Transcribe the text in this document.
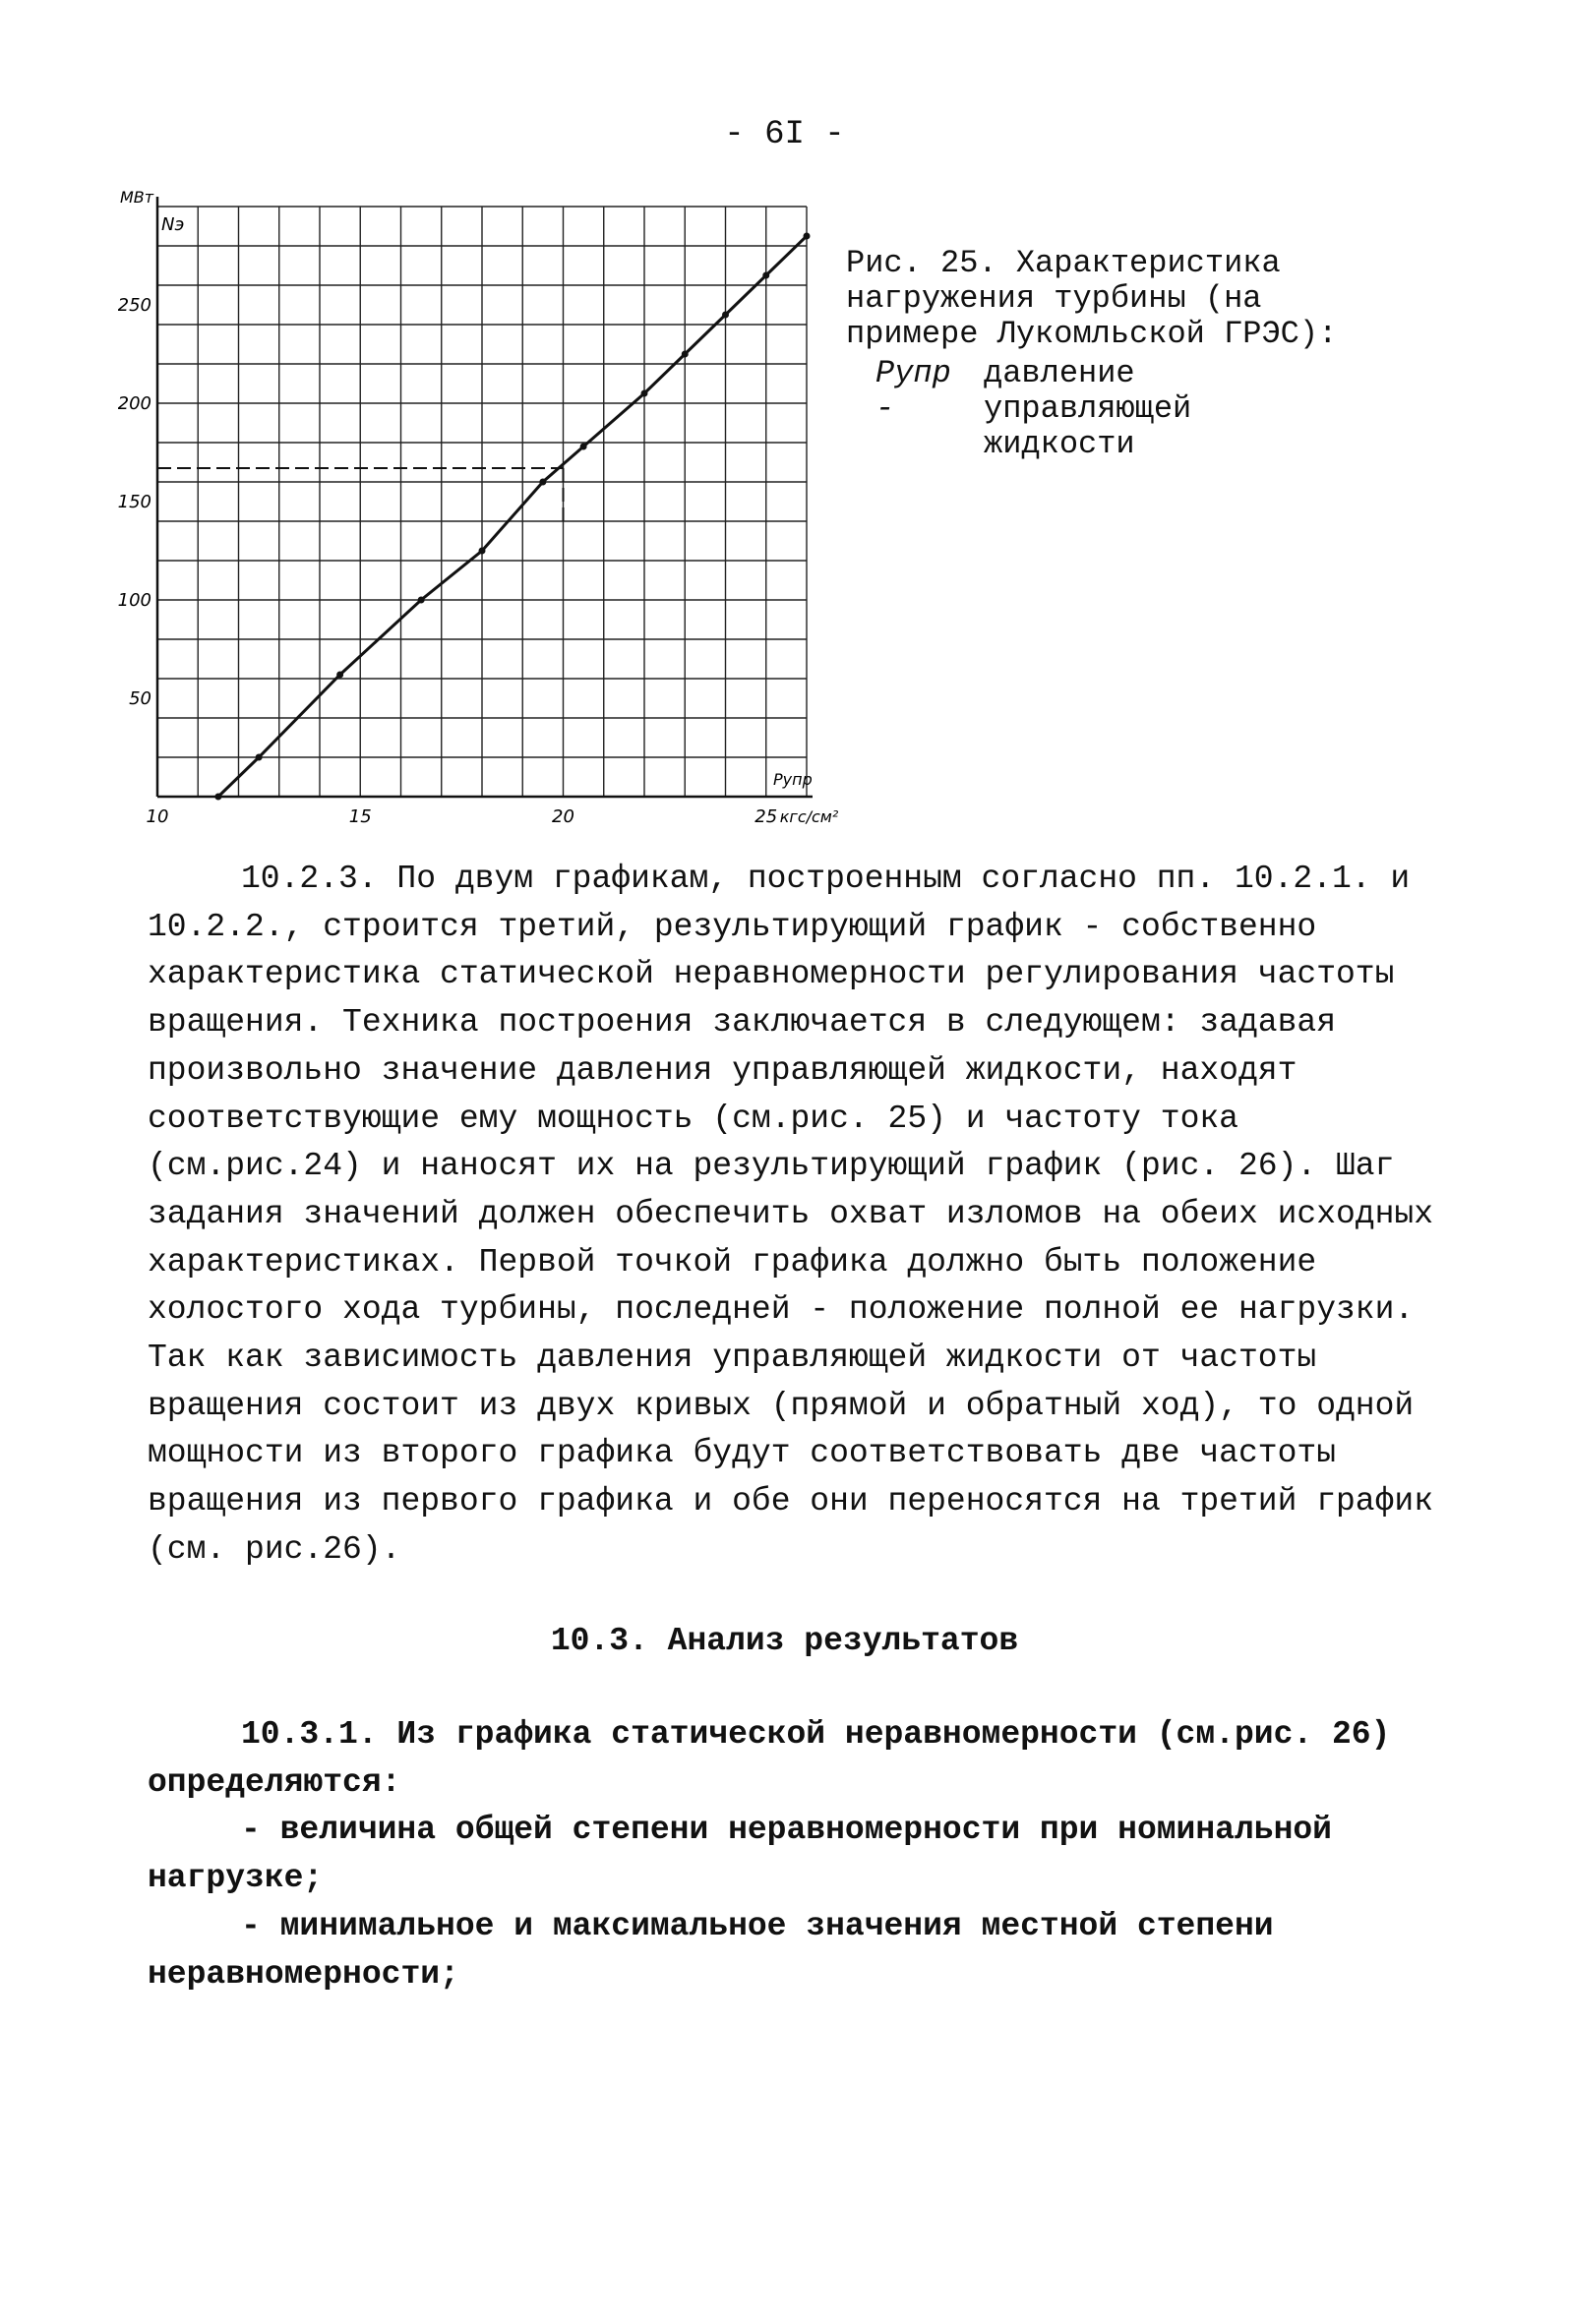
- 6I -
50
100
150
200
250
10	15	20	25
МВт
Nэ
Pупр
кгс/см²
Рис. 25. Характеристика
нагружения турбины (на
примере Лукомльской ГРЭС):
Pупр -давление управляющей жидкости

10.2.3. По двум графикам, построенным согласно пп. 10.2.1. и 10.2.2., строится третий, результирующий график - собственно характеристика статической неравномерности регулирования частоты вращения. Техника построения заключается в следующем: задавая произвольно значение давления управляющей жидкости, находят соответствующие ему мощность (см.рис. 25) и частоту тока (см.рис.24) и наносят их на результирующий график (рис. 26). Шаг задания значений должен обеспечить охват изломов на обеих исходных характеристиках. Первой точкой графика должно быть положение холостого хода турбины, последней - положение полной ее нагрузки. Так как зависимость давления управляющей жидкости от частоты вращения состоит из двух кривых (прямой и обратный ход), то одной мощности из второго графика будут соответствовать две частоты вращения из первого графика и обе они переносятся на третий график (см. рис.26).

10.3. Анализ результатов

10.3.1. Из графика статической неравномерности (см.рис. 26) определяются:

- величина общей степени неравномерности при номинальной нагрузке;

- минимальное и максимальное значения местной степени неравномерности;
